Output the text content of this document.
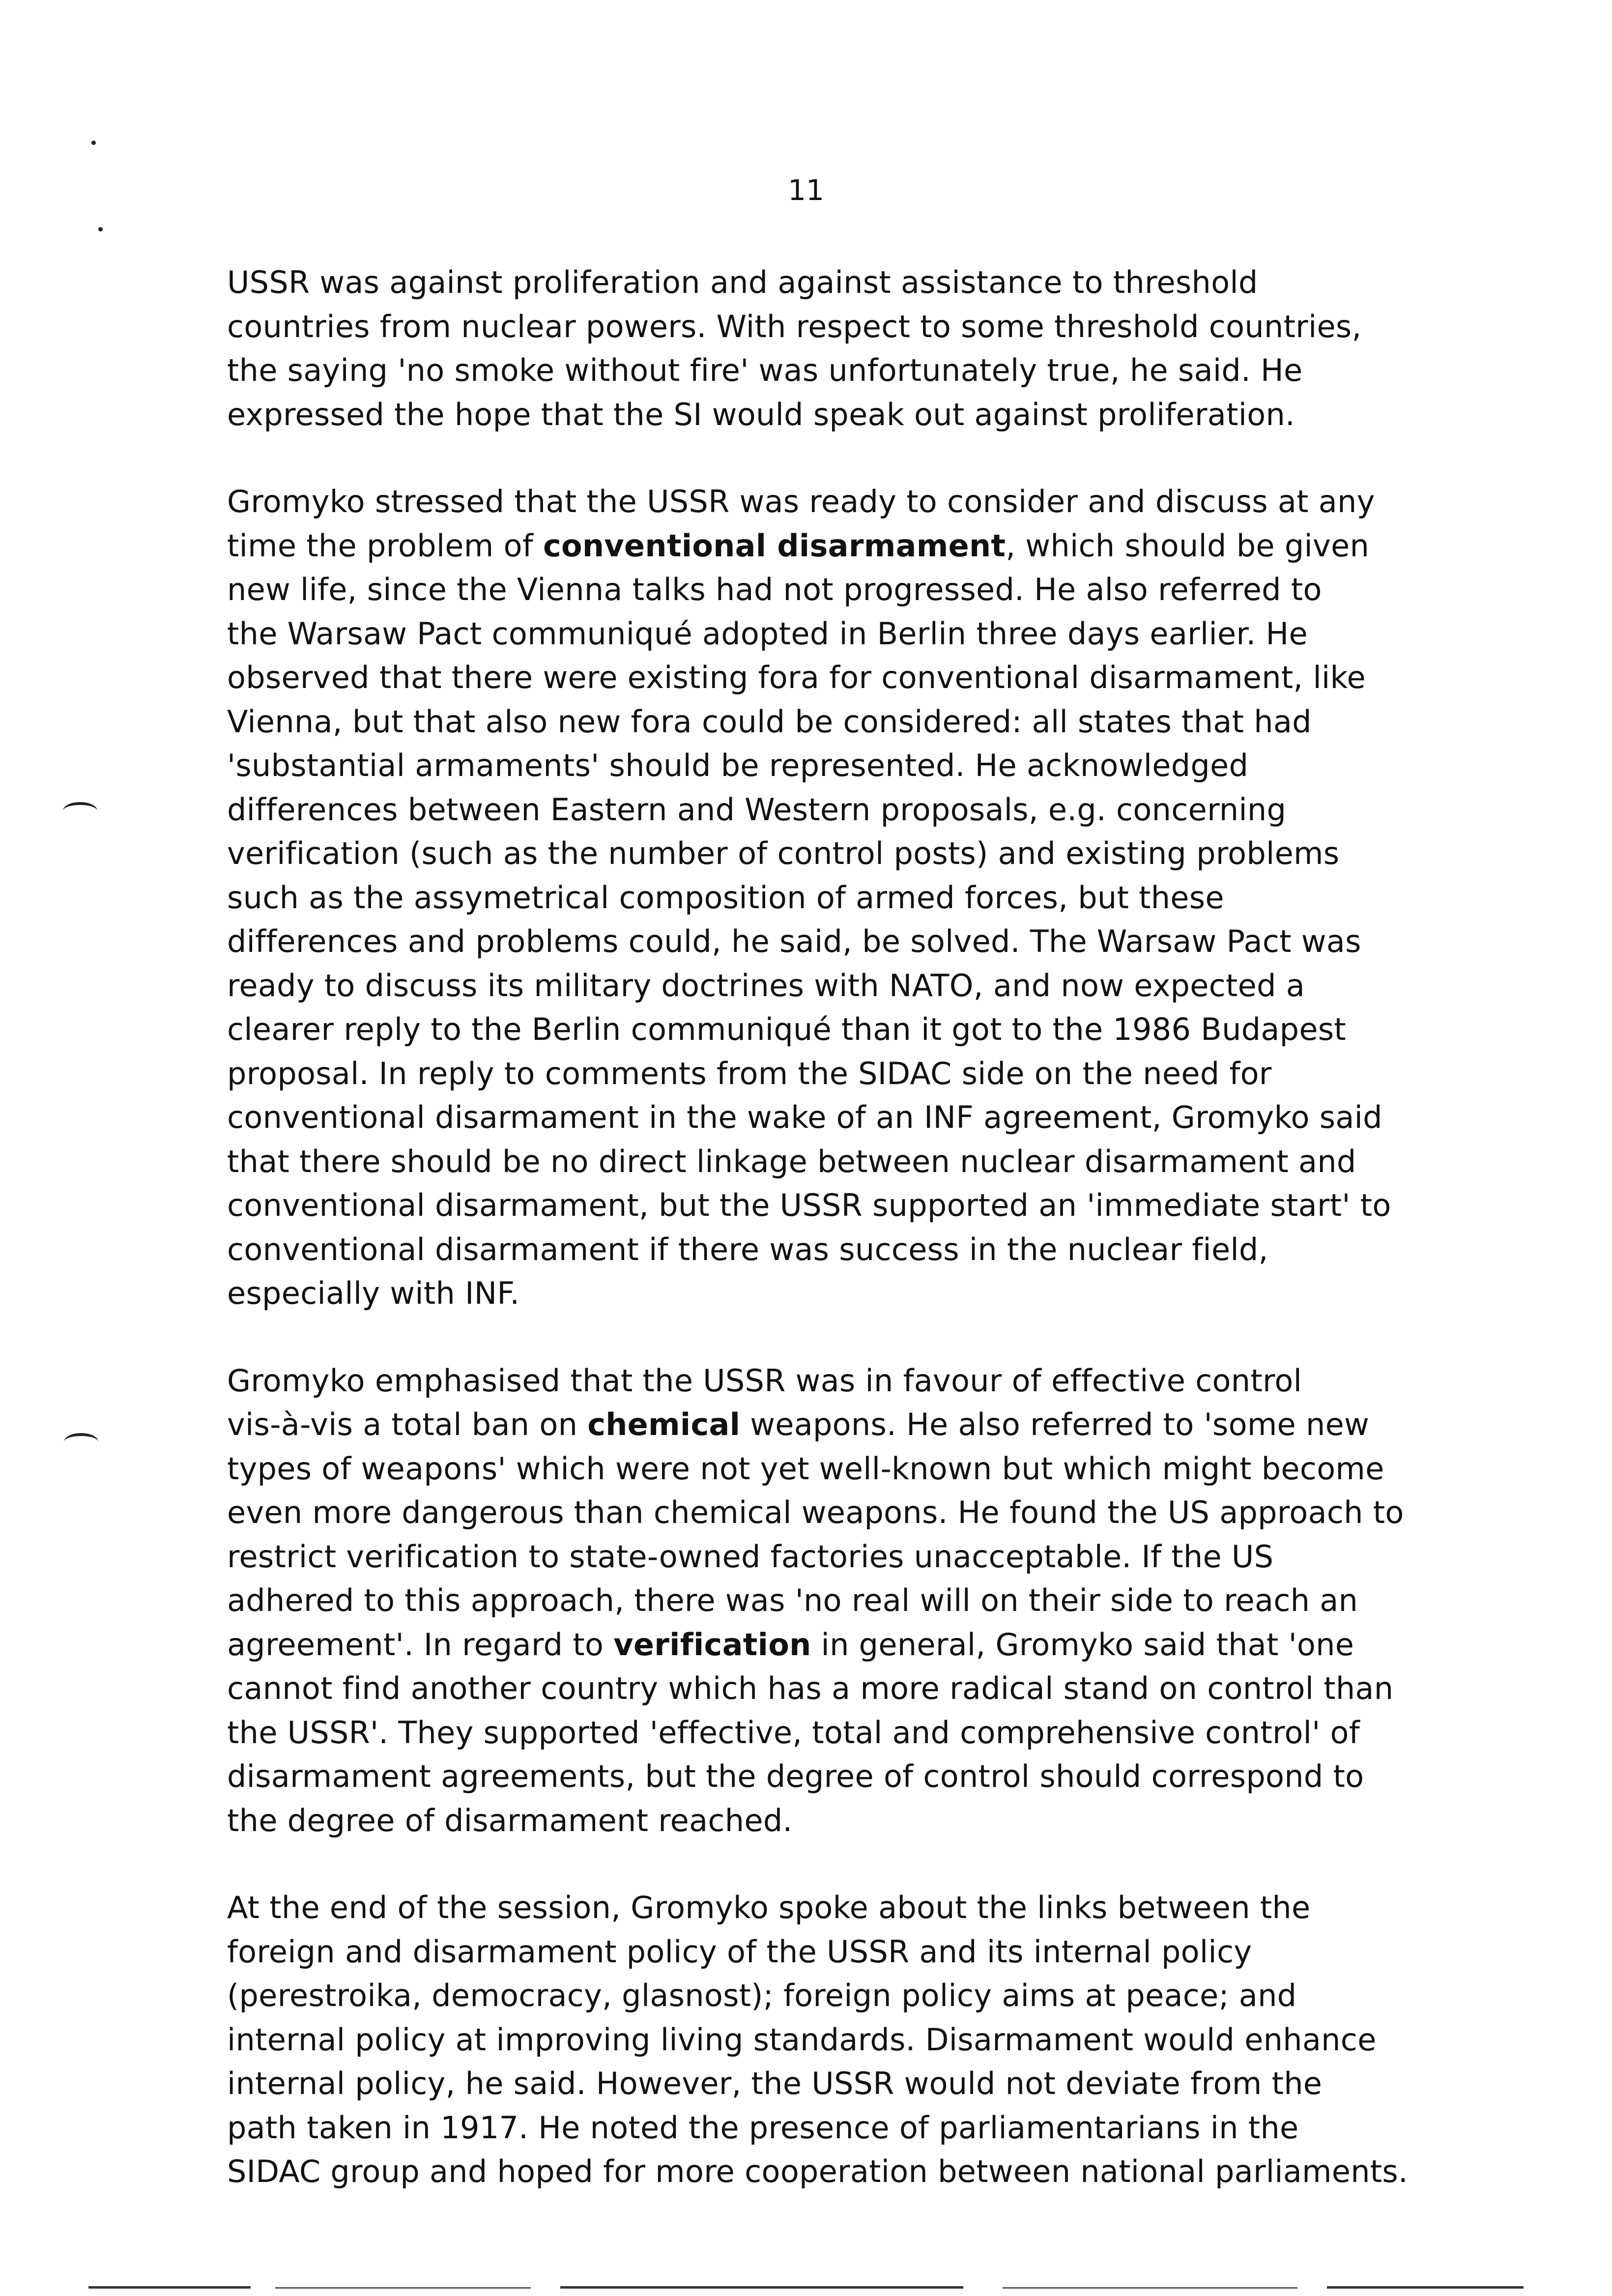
11

USSR was against proliferation and against assistance to threshold
countries from nuclear powers. With respect to some threshold countries,
the saying 'no smoke without fire' was unfortunately true, he said. He
expressed the hope that the SI would speak out against proliferation.

Gromyko stressed that the USSR was ready to consider and discuss at any
time the problem of conventional disarmament, which should be given
new life, since the Vienna talks had not progressed. He also referred to
the Warsaw Pact communiqué adopted in Berlin three days earlier. He
observed that there were existing fora for conventional disarmament, like
Vienna, but that also new fora could be considered: all states that had
'substantial armaments' should be represented. He acknowledged
differences between Eastern and Western proposals, e.g. concerning
verification (such as the number of control posts) and existing problems
such as the assymetrical composition of armed forces, but these
differences and problems could, he said, be solved. The Warsaw Pact was
ready to discuss its military doctrines with NATO, and now expected a
clearer reply to the Berlin communiqué than it got to the 1986 Budapest
proposal. In reply to comments from the SIDAC side on the need for
conventional disarmament in the wake of an INF agreement, Gromyko said
that there should be no direct linkage between nuclear disarmament and
conventional disarmament, but the USSR supported an 'immediate start' to
conventional disarmament if there was success in the nuclear field,
especially with INF.

Gromyko emphasised that the USSR was in favour of effective control
vis-à-vis a total ban on chemical weapons. He also referred to 'some new
types of weapons' which were not yet well-known but which might become
even more dangerous than chemical weapons. He found the US approach to
restrict verification to state-owned factories unacceptable. If the US
adhered to this approach, there was 'no real will on their side to reach an
agreement'. In regard to verification in general, Gromyko said that 'one
cannot find another country which has a more radical stand on control than
the USSR'. They supported 'effective, total and comprehensive control' of
disarmament agreements, but the degree of control should correspond to
the degree of disarmament reached.

At the end of the session, Gromyko spoke about the links between the
foreign and disarmament policy of the USSR and its internal policy
(perestroika, democracy, glasnost); foreign policy aims at peace; and
internal policy at improving living standards. Disarmament would enhance
internal policy, he said. However, the USSR would not deviate from the
path taken in 1917. He noted the presence of parliamentarians in the
SIDAC group and hoped for more cooperation between national parliaments.
